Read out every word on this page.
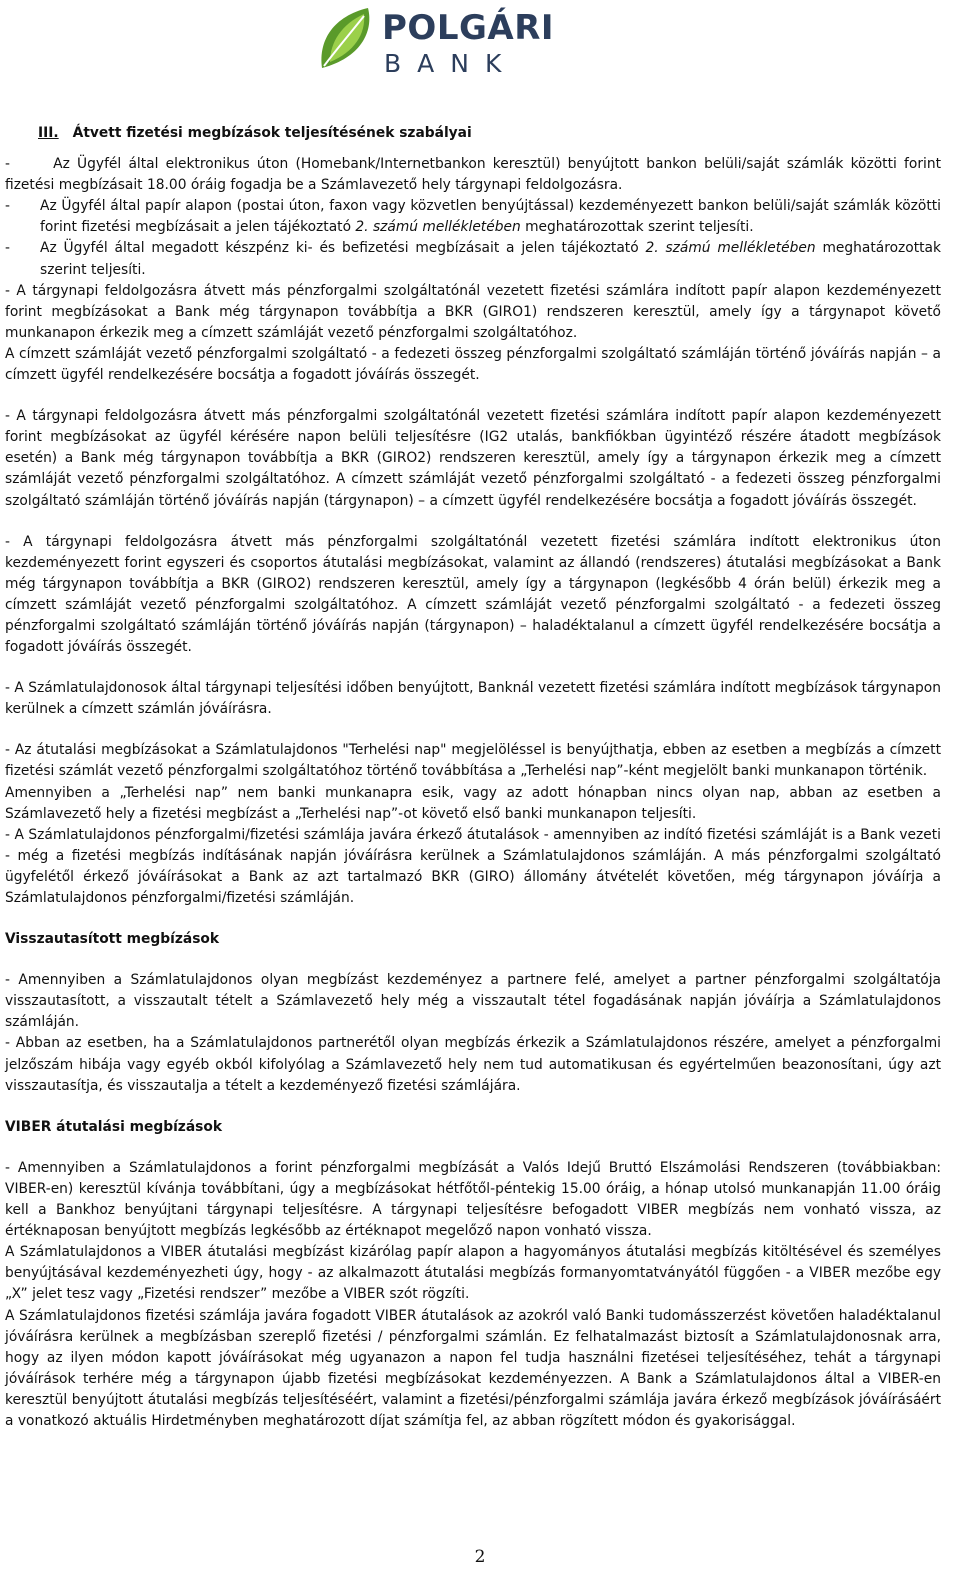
POLGÁRI
BANK

III. Átvett fizetési megbízások teljesítésének szabályai

-      Az Ügyfél által elektronikus úton (Homebank/Internetbankon keresztül) benyújtott bankon belüli/saját számlák közötti forint fizetési megbízásait 18.00 óráig fogadja be a Számlavezető hely tárgynapi feldolgozásra.

- Az Ügyfél által papír alapon (postai úton, faxon vagy közvetlen benyújtással) kezdeményezett bankon belüli/saját számlák közötti forint fizetési megbízásait a jelen tájékoztató 2. számú mellékletében meghatározottak szerint teljesíti.

- Az Ügyfél által megadott készpénz ki- és befizetési megbízásait a jelen tájékoztató 2. számú mellékletében meghatározottak szerint teljesíti.

- A tárgynapi feldolgozásra átvett más pénzforgalmi szolgáltatónál vezetett fizetési számlára indított papír alapon kezdeményezett forint megbízásokat a Bank még tárgynapon továbbítja a BKR (GIRO1) rendszeren keresztül, amely így a tárgynapot követő munkanapon érkezik meg a címzett számláját vezető pénzforgalmi szolgáltatóhoz.

A címzett számláját vezető pénzforgalmi szolgáltató - a fedezeti összeg pénzforgalmi szolgáltató számláján történő jóváírás napján – a címzett ügyfél rendelkezésére bocsátja a fogadott jóváírás összegét.

- A tárgynapi feldolgozásra átvett más pénzforgalmi szolgáltatónál vezetett fizetési számlára indított papír alapon kezdeményezett forint megbízásokat az ügyfél kérésére napon belüli teljesítésre (IG2 utalás, bankfiókban ügyintéző részére átadott megbízások esetén) a Bank még tárgynapon továbbítja a BKR (GIRO2) rendszeren keresztül, amely így a tárgynapon érkezik meg a címzett számláját vezető pénzforgalmi szolgáltatóhoz. A címzett számláját vezető pénzforgalmi szolgáltató - a fedezeti összeg pénzforgalmi szolgáltató számláján történő jóváírás napján (tárgynapon) – a címzett ügyfél rendelkezésére bocsátja a fogadott jóváírás összegét.

- A tárgynapi feldolgozásra átvett más pénzforgalmi szolgáltatónál vezetett fizetési számlára indított elektronikus úton kezdeményezett forint egyszeri és csoportos átutalási megbízásokat, valamint az állandó (rendszeres) átutalási megbízásokat a Bank még tárgynapon továbbítja a BKR (GIRO2) rendszeren keresztül, amely így a tárgynapon (legkésőbb 4 órán belül) érkezik meg a címzett számláját vezető pénzforgalmi szolgáltatóhoz. A címzett számláját vezető pénzforgalmi szolgáltató - a fedezeti összeg pénzforgalmi szolgáltató számláján történő jóváírás napján (tárgynapon) – haladéktalanul a címzett ügyfél rendelkezésére bocsátja a fogadott jóváírás összegét.

- A Számlatulajdonosok által tárgynapi teljesítési időben benyújtott, Banknál vezetett fizetési számlára indított megbízások tárgynapon kerülnek a címzett számlán jóváírásra.

- Az átutalási megbízásokat a Számlatulajdonos "Terhelési nap" megjelöléssel is benyújthatja, ebben az esetben a megbízás a címzett fizetési számlát vezető pénzforgalmi szolgáltatóhoz történő továbbítása a „Terhelési nap”-ként megjelölt banki munkanapon történik.

Amennyiben a „Terhelési nap” nem banki munkanapra esik, vagy az adott hónapban nincs olyan nap, abban az esetben a Számlavezető hely a fizetési megbízást a „Terhelési nap”-ot követő első banki munkanapon teljesíti.

- A Számlatulajdonos pénzforgalmi/fizetési számlája javára érkező átutalások - amennyiben az indító fizetési számláját is a Bank vezeti - még a fizetési megbízás indításának napján jóváírásra kerülnek a Számlatulajdonos számláján. A más pénzforgalmi szolgáltató ügyfelétől érkező jóváírásokat a Bank az azt tartalmazó BKR (GIRO) állomány átvételét követően, még tárgynapon jóváírja a Számlatulajdonos pénzforgalmi/fizetési számláján.

Visszautasított megbízások

- Amennyiben a Számlatulajdonos olyan megbízást kezdeményez a partnere felé, amelyet a partner pénzforgalmi szolgáltatója visszautasított, a visszautalt tételt a Számlavezető hely még a visszautalt tétel fogadásának napján jóváírja a Számlatulajdonos számláján.

- Abban az esetben, ha a Számlatulajdonos partnerétől olyan megbízás érkezik a Számlatulajdonos részére, amelyet a pénzforgalmi jelzőszám hibája vagy egyéb okból kifolyólag a Számlavezető hely nem tud automatikusan és egyértelműen beazonosítani, úgy azt visszautasítja, és visszautalja a tételt a kezdeményező fizetési számlájára.

VIBER átutalási megbízások

- Amennyiben a Számlatulajdonos a forint pénzforgalmi megbízását a Valós Idejű Bruttó Elszámolási Rendszeren (továbbiakban: VIBER-en) keresztül kívánja továbbítani, úgy a megbízásokat hétfőtől-péntekig 15.00 óráig, a hónap utolsó munkanapján 11.00 óráig kell a Bankhoz benyújtani tárgynapi teljesítésre. A tárgynapi teljesítésre befogadott VIBER megbízás nem vonható vissza, az értéknaposan benyújtott megbízás legkésőbb az értéknapot megelőző napon vonható vissza.

A Számlatulajdonos a VIBER átutalási megbízást kizárólag papír alapon a hagyományos átutalási megbízás kitöltésével és személyes benyújtásával kezdeményezheti úgy, hogy - az alkalmazott átutalási megbízás formanyomtatványától függően - a VIBER mezőbe egy „X” jelet tesz vagy „Fizetési rendszer” mezőbe a VIBER szót rögzíti.

A Számlatulajdonos fizetési számlája javára fogadott VIBER átutalások az azokról való Banki tudomásszerzést követően haladéktalanul jóváírásra kerülnek a megbízásban szereplő fizetési / pénzforgalmi számlán. Ez felhatalmazást biztosít a Számlatulajdonosnak arra, hogy az ilyen módon kapott jóváírásokat még ugyanazon a napon fel tudja használni fizetései teljesítéséhez, tehát a tárgynapi jóváírások terhére még a tárgynapon újabb fizetési megbízásokat kezdeményezzen. A Bank a Számlatulajdonos által a VIBER-en keresztül benyújtott átutalási megbízás teljesítéséért, valamint a fizetési/pénzforgalmi számlája javára érkező megbízások jóváírásáért a vonatkozó aktuális Hirdetményben meghatározott díjat számítja fel, az abban rögzített módon és gyakorisággal.

2
